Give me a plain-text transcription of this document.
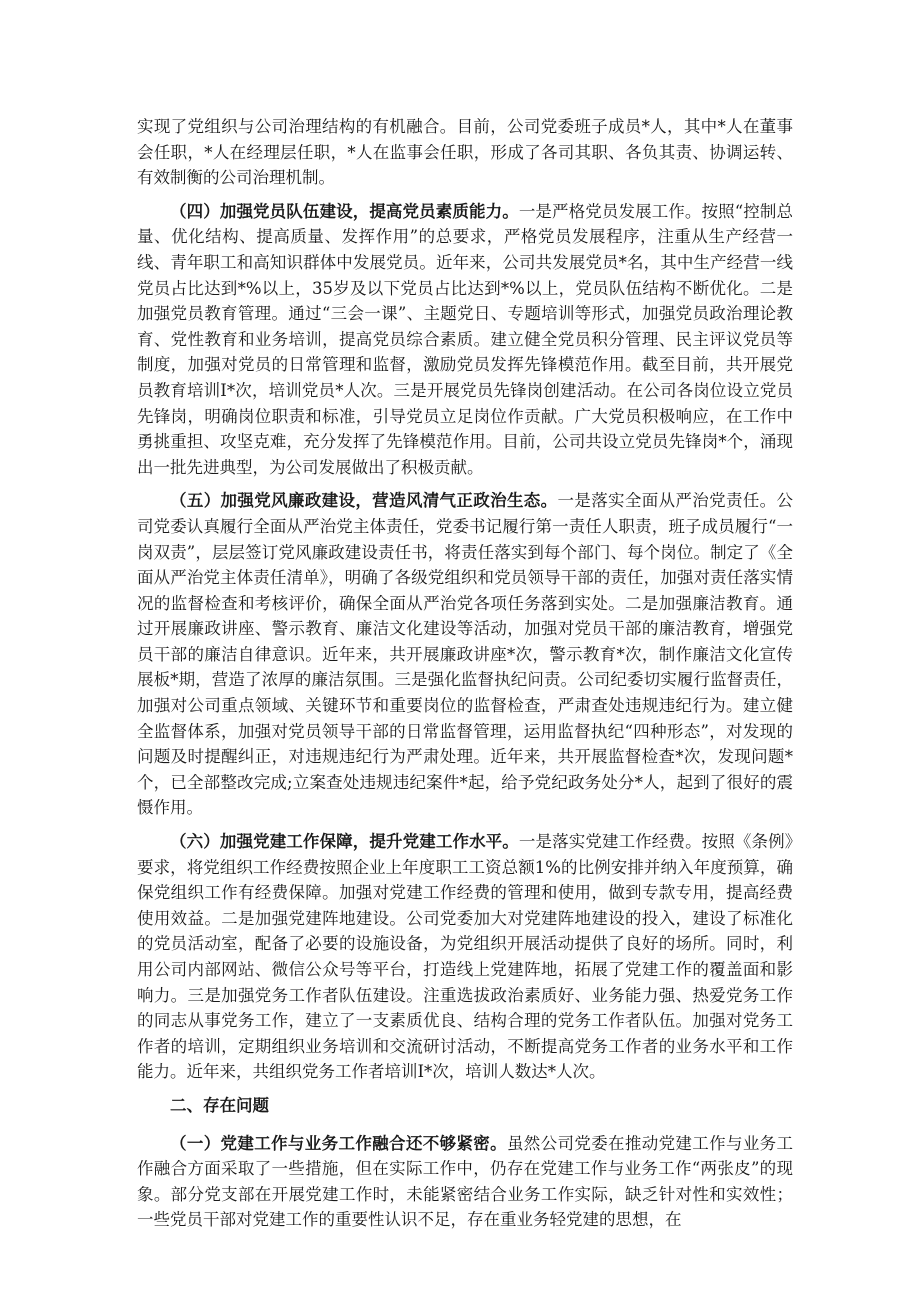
实现了党组织与公司治理结构的有机融合。目前，公司党委班子成员*人，其中*人在董事会任职，*人在经理层任职，*人在监事会任职，形成了各司其职、各负其责、协调运转、有效制衡的公司治理机制。

（四）加强党员队伍建设，提高党员素质能力。一是严格党员发展工作。按照“控制总量、优化结构、提高质量、发挥作用”的总要求，严格党员发展程序，注重从生产经营一线、青年职工和高知识群体中发展党员。近年来，公司共发展党员*名，其中生产经营一线党员占比达到*%以上，35岁及以下党员占比达到*%以上，党员队伍结构不断优化。二是加强党员教育管理。通过“三会一课”、主题党日、专题培训等形式，加强党员政治理论教育、党性教育和业务培训，提高党员综合素质。建立健全党员积分管理、民主评议党员等制度，加强对党员的日常管理和监督，激励党员发挥先锋模范作用。截至目前，共开展党员教育培训Ⅰ*次，培训党员*人次。三是开展党员先锋岗创建活动。在公司各岗位设立党员先锋岗，明确岗位职责和标准，引导党员立足岗位作贡献。广大党员积极响应，在工作中勇挑重担、攻坚克难，充分发挥了先锋模范作用。目前，公司共设立党员先锋岗*个，涌现出一批先进典型，为公司发展做出了积极贡献。

（五）加强党风廉政建设，营造风清气正政治生态。一是落实全面从严治党责任。公司党委认真履行全面从严治党主体责任，党委书记履行第一责任人职责，班子成员履行“一岗双责”，层层签订党风廉政建设责任书，将责任落实到每个部门、每个岗位。制定了《全面从严治党主体责任清单》，明确了各级党组织和党员领导干部的责任，加强对责任落实情况的监督检查和考核评价，确保全面从严治党各项任务落到实处。二是加强廉洁教育。通过开展廉政讲座、警示教育、廉洁文化建设等活动，加强对党员干部的廉洁教育，增强党员干部的廉洁自律意识。近年来，共开展廉政讲座*次，警示教育*次，制作廉洁文化宣传展板*期，营造了浓厚的廉洁氛围。三是强化监督执纪问责。公司纪委切实履行监督责任，加强对公司重点领域、关键环节和重要岗位的监督检查，严肃查处违规违纪行为。建立健全监督体系，加强对党员领导干部的日常监督管理，运用监督执纪“四种形态”，对发现的问题及时提醒纠正，对违规违纪行为严肃处理。近年来，共开展监督检查*次，发现问题*个，已全部整改完成;立案查处违规违纪案件*起，给予党纪政务处分*人，起到了很好的震慑作用。

（六）加强党建工作保障，提升党建工作水平。一是落实党建工作经费。按照《条例》要求，将党组织工作经费按照企业上年度职工工资总额1%的比例安排并纳入年度预算，确保党组织工作有经费保障。加强对党建工作经费的管理和使用，做到专款专用，提高经费使用效益。二是加强党建阵地建设。公司党委加大对党建阵地建设的投入，建设了标准化的党员活动室，配备了必要的设施设备，为党组织开展活动提供了良好的场所。同时，利用公司内部网站、微信公众号等平台，打造线上党建阵地，拓展了党建工作的覆盖面和影响力。三是加强党务工作者队伍建设。注重选拔政治素质好、业务能力强、热爱党务工作的同志从事党务工作，建立了一支素质优良、结构合理的党务工作者队伍。加强对党务工作者的培训，定期组织业务培训和交流研讨活动，不断提高党务工作者的业务水平和工作能力。近年来，共组织党务工作者培训Ⅰ*次，培训人数达*人次。

二、存在问题

（一）党建工作与业务工作融合还不够紧密。虽然公司党委在推动党建工作与业务工作融合方面采取了一些措施，但在实际工作中，仍存在党建工作与业务工作“两张皮”的现象。部分党支部在开展党建工作时，未能紧密结合业务工作实际，缺乏针对性和实效性；一些党员干部对党建工作的重要性认识不足，存在重业务轻党建的思想，在
